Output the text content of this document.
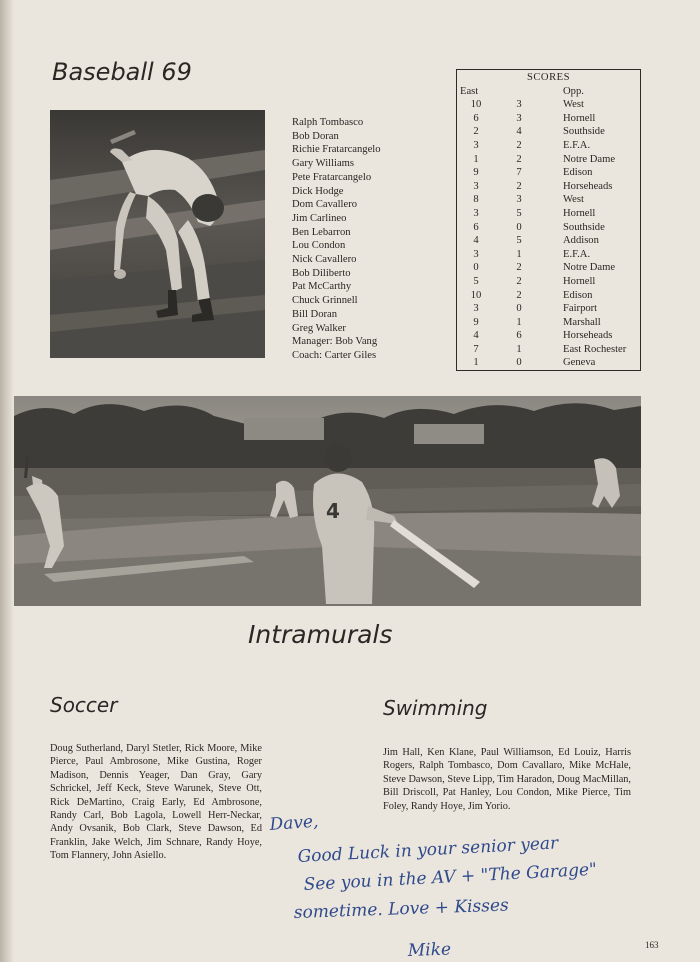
Baseball 69
Ralph Tombasco
Bob Doran
Richie Fratarcangelo
Gary Williams
Pete Fratarcangelo
Dick Hodge
Dom Cavallero
Jim Carlineo
Ben Lebarron
Lou Condon
Nick Cavallero
Bob Diliberto
Pat McCarthy
Chuck Grinnell
Bill Doran
Greg Walker
Manager: Bob Vang
Coach: Carter Giles
SCORES
East	Opp.
10	3	West
6	3	Hornell
2	4	Southside
3	2	E.F.A.
1	2	Notre Dame
9	7	Edison
3	2	Horseheads
8	3	West
3	5	Hornell
6	0	Southside
4	5	Addison
3	1	E.F.A.
0	2	Notre Dame
5	2	Hornell
10	2	Edison
3	0	Fairport
9	1	Marshall
4	6	Horseheads
7	1	East Rochester
1	0	Geneva
4
Intramurals
Soccer

Doug Sutherland, Daryl Stetler, Rick Moore, Mike Pierce, Paul Ambrosone, Mike Gustina, Roger Madison, Dennis Yeager, Dan Gray, Gary Schrickel, Jeff Keck, Steve Warunek, Steve Ott, Rick DeMartino, Craig Early, Ed Ambrosone, Randy Carl, Bob Lagola, Lowell Herr-Neckar, Andy Ovsanik, Bob Clark, Steve Dawson, Ed Franklin, Jake Welch, Jim Schnare, Randy Hoye, Tom Flannery, John Asiello.

Swimming

Jim Hall, Ken Klane, Paul Williamson, Ed Louiz, Harris Rogers, Ralph Tombasco, Dom Cavallaro, Mike McHale, Steve Dawson, Steve Lipp, Tim Haradon, Doug MacMillan, Bill Driscoll, Pat Hanley, Lou Condon, Mike Pierce, Tim Foley, Randy Hoye, Jim Yorio.

Dave,
Good Luck in your senior year
See you in the AV + "The Garage"
sometime. Love + Kisses
Mike	163
